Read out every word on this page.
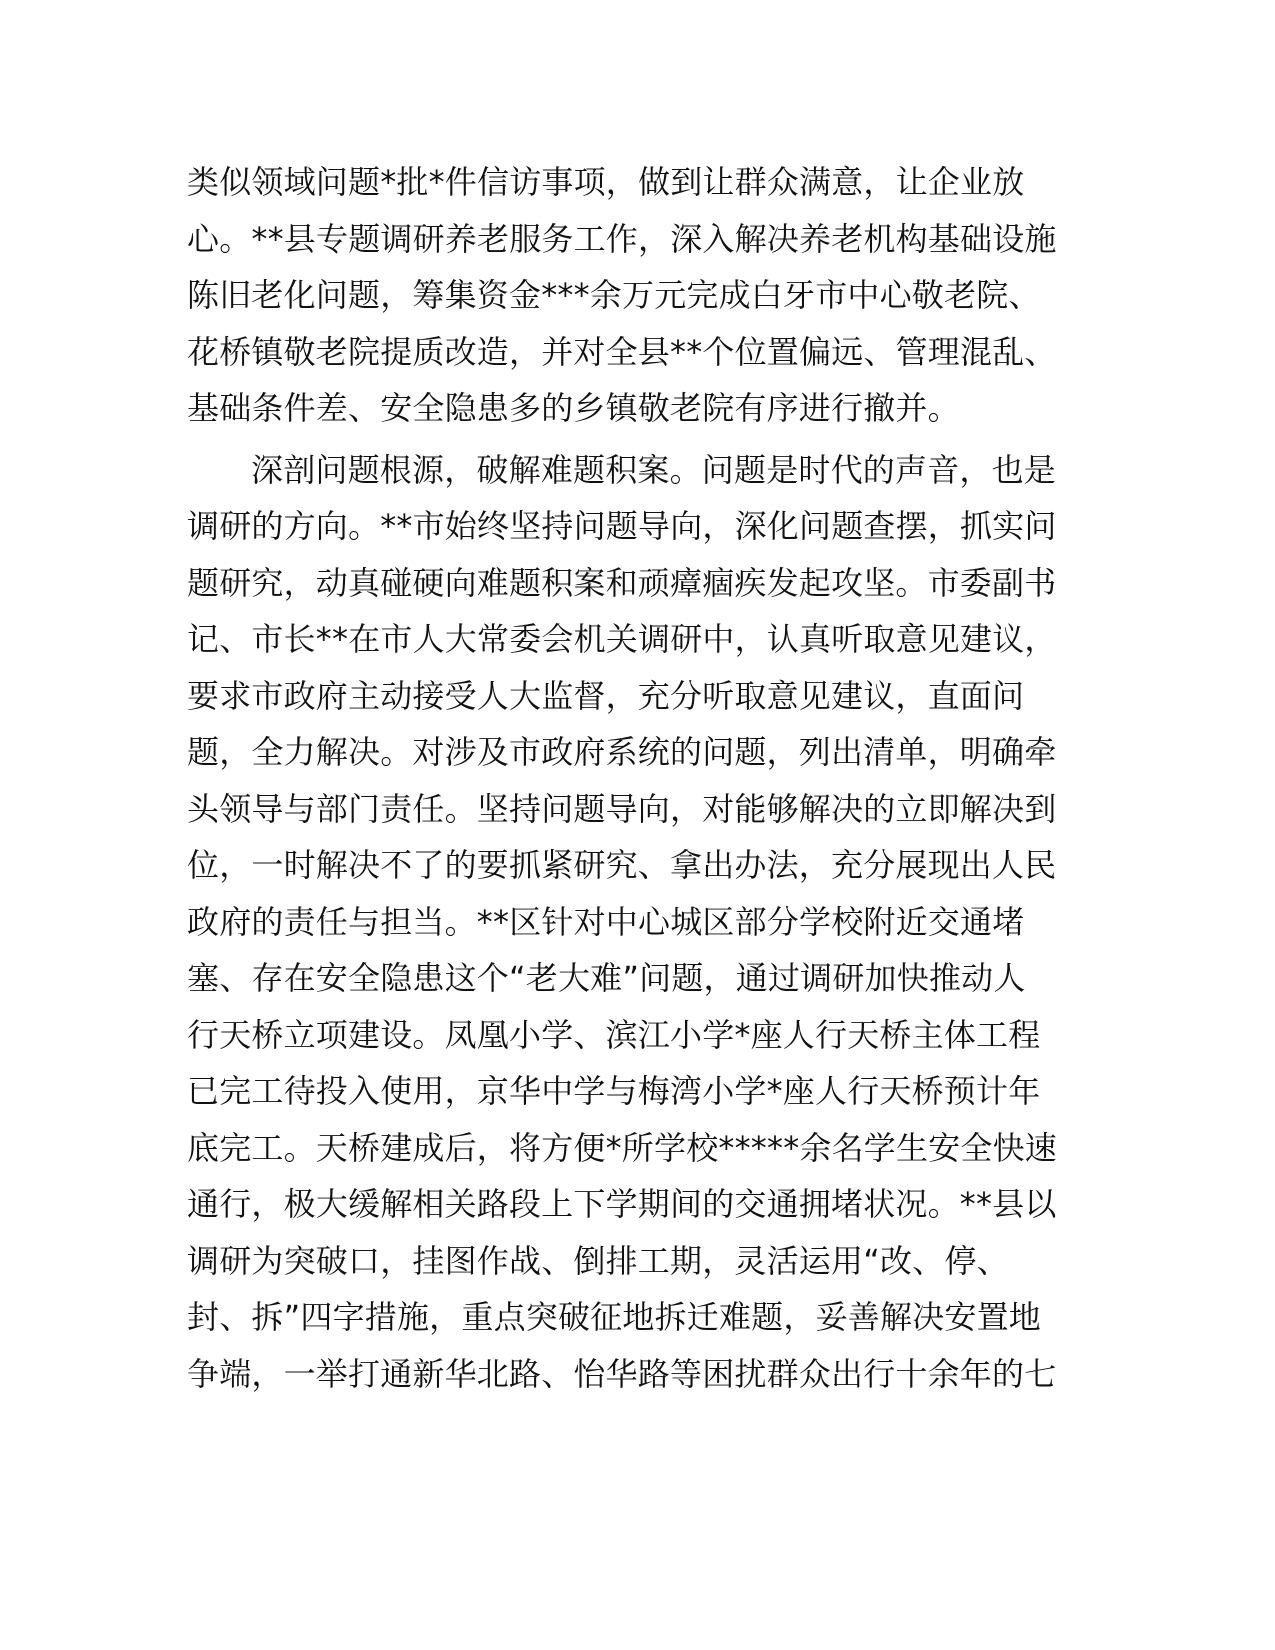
类似领域问题*批*件信访事项，做到让群众满意，让企业放
心。**县专题调研养老服务工作，深入解决养老机构基础设施
陈旧老化问题，筹集资金***余万元完成白牙市中心敬老院、
花桥镇敬老院提质改造，并对全县**个位置偏远、管理混乱、
基础条件差、安全隐患多的乡镇敬老院有序进行撤并。

深剖问题根源，破解难题积案。问题是时代的声音，也是
调研的方向。**市始终坚持问题导向，深化问题查摆，抓实问
题研究，动真碰硬向难题积案和顽瘴痼疾发起攻坚。市委副书
记、市长**在市人大常委会机关调研中，认真听取意见建议，
要求市政府主动接受人大监督，充分听取意见建议，直面问
题，全力解决。对涉及市政府系统的问题，列出清单，明确牵
头领导与部门责任。坚持问题导向，对能够解决的立即解决到
位，一时解决不了的要抓紧研究、拿出办法，充分展现出人民
政府的责任与担当。**区针对中心城区部分学校附近交通堵
塞、存在安全隐患这个“老大难”问题，通过调研加快推动人
行天桥立项建设。凤凰小学、滨江小学*座人行天桥主体工程
已完工待投入使用，京华中学与梅湾小学*座人行天桥预计年
底完工。天桥建成后，将方便*所学校*****余名学生安全快速
通行，极大缓解相关路段上下学期间的交通拥堵状况。**县以
调研为突破口，挂图作战、倒排工期，灵活运用“改、停、
封、拆”四字措施，重点突破征地拆迁难题，妥善解决安置地
争端，一举打通新华北路、怡华路等困扰群众出行十余年的七
